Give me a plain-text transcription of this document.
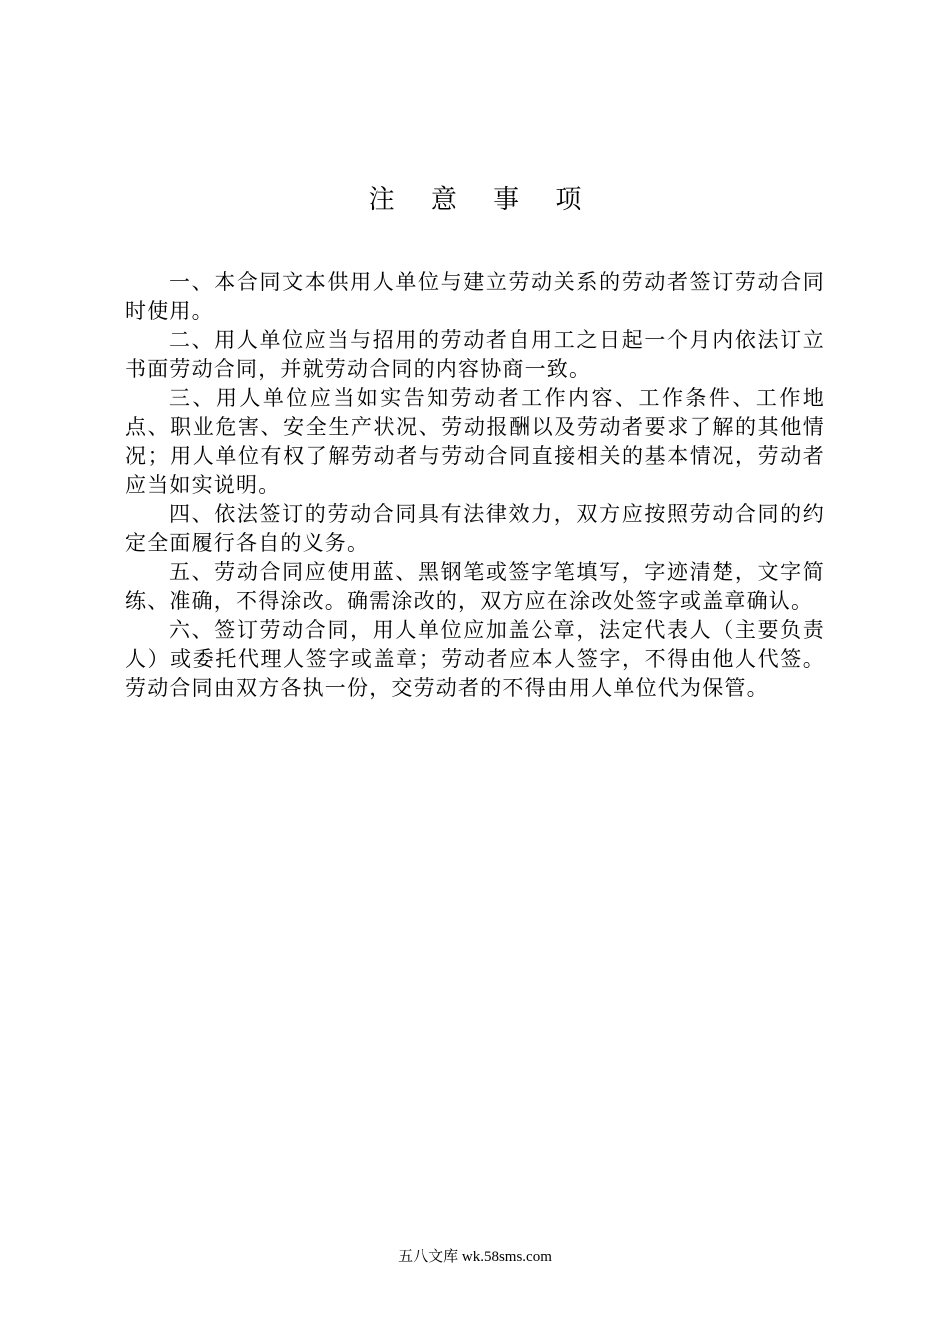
注 意 事 项

一、本合同文本供用人单位与建立劳动关系的劳动者签订劳动合同时使用。

二、用人单位应当与招用的劳动者自用工之日起一个月内依法订立书面劳动合同，并就劳动合同的内容协商一致。

三、用人单位应当如实告知劳动者工作内容、工作条件、工作地点、职业危害、安全生产状况、劳动报酬以及劳动者要求了解的其他情况；用人单位有权了解劳动者与劳动合同直接相关的基本情况，劳动者应当如实说明。

四、依法签订的劳动合同具有法律效力，双方应按照劳动合同的约定全面履行各自的义务。

五、劳动合同应使用蓝、黑钢笔或签字笔填写，字迹清楚，文字简练、准确，不得涂改。确需涂改的，双方应在涂改处签字或盖章确认。

六、签订劳动合同，用人单位应加盖公章，法定代表人（主要负责人）或委托代理人签字或盖章；劳动者应本人签字，不得由他人代签。劳动合同由双方各执一份，交劳动者的不得由用人单位代为保管。

五八文库 wk.58sms.com
